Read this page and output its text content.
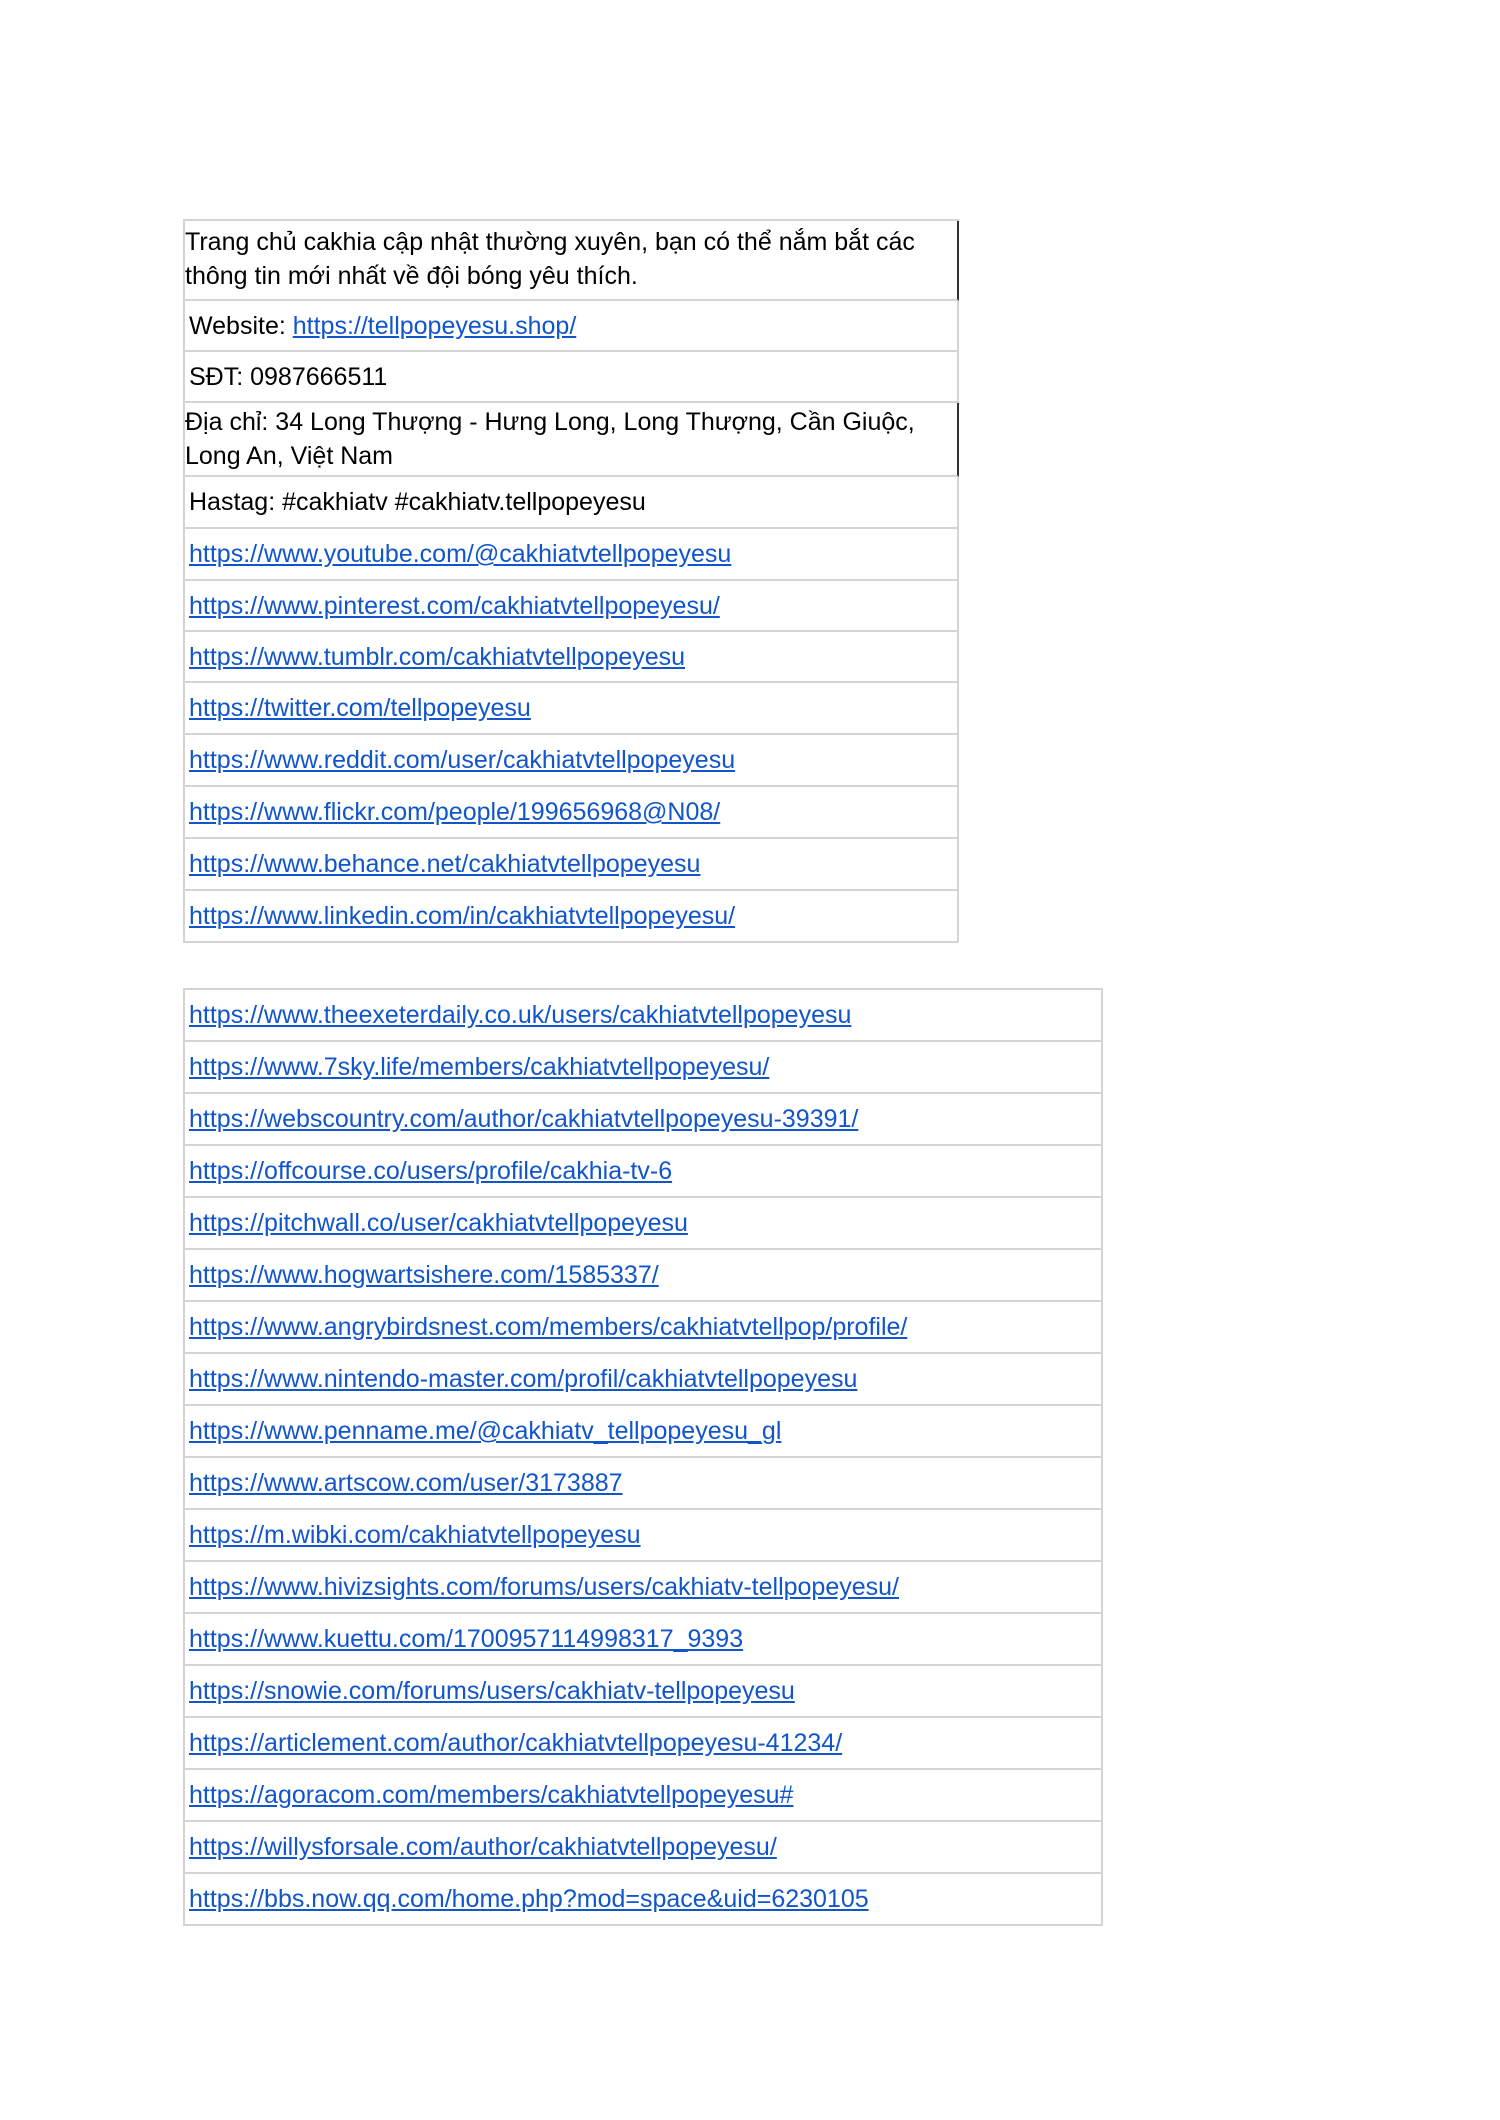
Trang chủ cakhia cập nhật thường xuyên, bạn có thể nắm bắt các thông tin mới nhất về đội bóng yêu thích.
Website: https://tellpopeyesu.shop/
SĐT: 0987666511
Địa chỉ: 34 Long Thượng - Hưng Long, Long Thượng, Cần Giuộc, Long An, Việt Nam
Hastag: #cakhiatv #cakhiatv.tellpopeyesu
https://www.youtube.com/@cakhiatvtellpopeyesu
https://www.pinterest.com/cakhiatvtellpopeyesu/
https://www.tumblr.com/cakhiatvtellpopeyesu
https://twitter.com/tellpopeyesu
https://www.reddit.com/user/cakhiatvtellpopeyesu
https://www.flickr.com/people/199656968@N08/
https://www.behance.net/cakhiatvtellpopeyesu
https://www.linkedin.com/in/cakhiatvtellpopeyesu/
https://www.theexeterdaily.co.uk/users/cakhiatvtellpopeyesu
https://www.7sky.life/members/cakhiatvtellpopeyesu/
https://webscountry.com/author/cakhiatvtellpopeyesu-39391/
https://offcourse.co/users/profile/cakhia-tv-6
https://pitchwall.co/user/cakhiatvtellpopeyesu
https://www.hogwartsishere.com/1585337/
https://www.angrybirdsnest.com/members/cakhiatvtellpop/profile/
https://www.nintendo-master.com/profil/cakhiatvtellpopeyesu
https://www.penname.me/@cakhiatv_tellpopeyesu_gl
https://www.artscow.com/user/3173887
https://m.wibki.com/cakhiatvtellpopeyesu
https://www.hivizsights.com/forums/users/cakhiatv-tellpopeyesu/
https://www.kuettu.com/1700957114998317_9393
https://snowie.com/forums/users/cakhiatv-tellpopeyesu
https://articlement.com/author/cakhiatvtellpopeyesu-41234/
https://agoracom.com/members/cakhiatvtellpopeyesu#
https://willysforsale.com/author/cakhiatvtellpopeyesu/
https://bbs.now.qq.com/home.php?mod=space&uid=6230105
